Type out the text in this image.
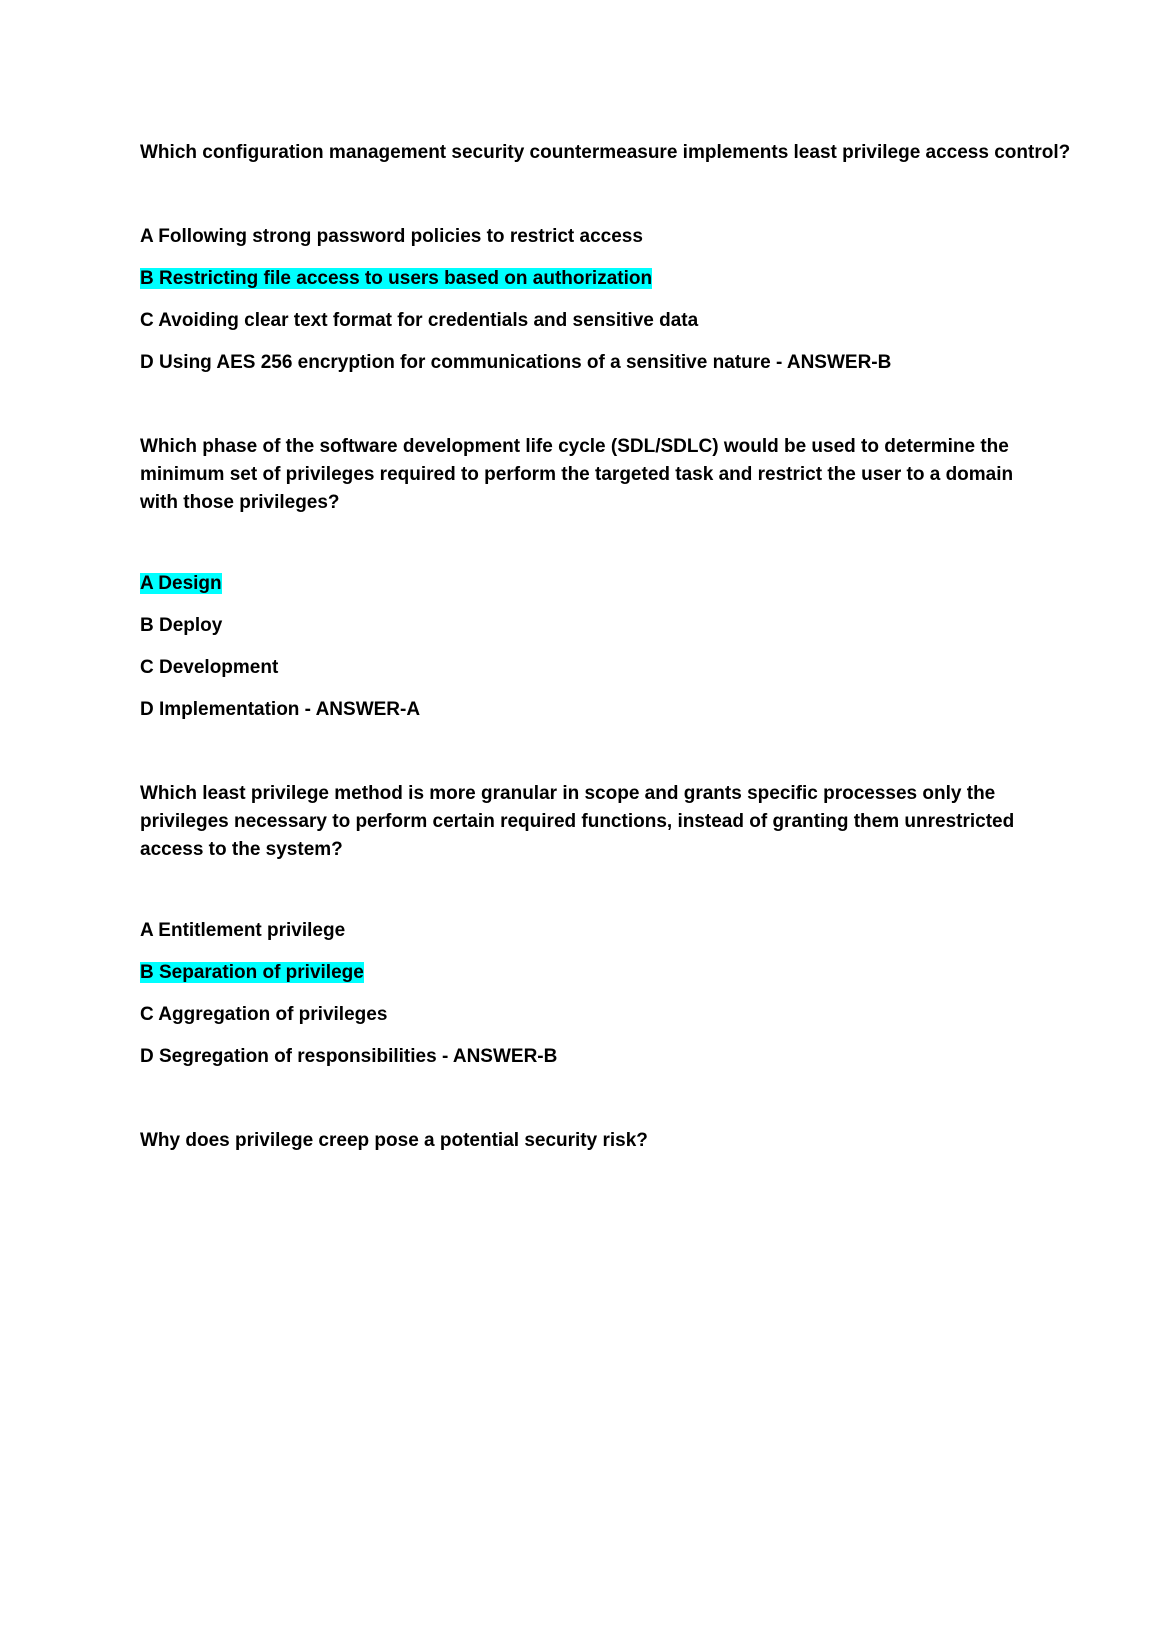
Which configuration management security countermeasure implements least privilege access control?
A Following strong password policies to restrict access
B Restricting file access to users based on authorization
C Avoiding clear text format for credentials and sensitive data
D Using AES 256 encryption for communications of a sensitive nature - ANSWER-B
Which phase of the software development life cycle (SDL/SDLC) would be used to determine the minimum set of privileges required to perform the targeted task and restrict the user to a domain with those privileges?
A Design
B Deploy
C Development
D Implementation - ANSWER-A
Which least privilege method is more granular in scope and grants specific processes only the privileges necessary to perform certain required functions, instead of granting them unrestricted access to the system?
A Entitlement privilege
B Separation of privilege
C Aggregation of privileges
D Segregation of responsibilities - ANSWER-B
Why does privilege creep pose a potential security risk?
